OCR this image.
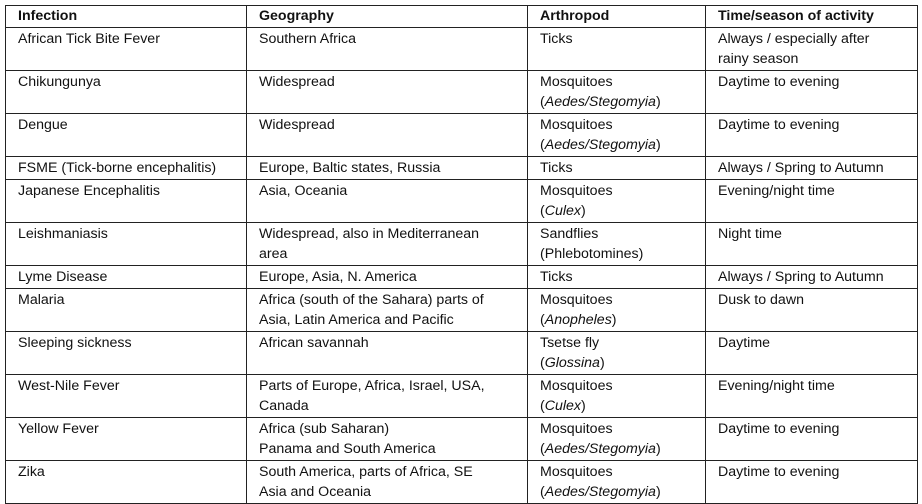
Infection	Geography	Arthropod	Time/season of activity

African Tick Bite Fever	Southern Africa	Ticks	Always / especially after
rainy season

Chikungunya	Widespread	Mosquitoes
(Aedes/Stegomyia)	Daytime to evening

Dengue	Widespread	Mosquitoes
(Aedes/Stegomyia)	Daytime to evening

FSME (Tick-borne encephalitis)	Europe, Baltic states, Russia	Ticks	Always / Spring to Autumn

Japanese Encephalitis	Asia, Oceania	Mosquitoes
(Culex)	Evening/night time

Leishmaniasis	Widespread, also in Mediterranean
area	Sandflies
(Phlebotomines)	Night time

Lyme Disease	Europe, Asia, N. America	Ticks	Always / Spring to Autumn

Malaria	Africa (south of the Sahara) parts of
Asia, Latin America and Pacific	Mosquitoes
(Anopheles)	Dusk to dawn

Sleeping sickness	African savannah	Tsetse fly
(Glossina)	Daytime

West-Nile Fever	Parts of Europe, Africa, Israel, USA,
Canada	Mosquitoes
(Culex)	Evening/night time

Yellow Fever	Africa (sub Saharan)
Panama and South America	Mosquitoes
(Aedes/Stegomyia)	Daytime to evening

Zika	South America, parts of Africa, SE
Asia and Oceania	Mosquitoes
(Aedes/Stegomyia)	Daytime to evening
